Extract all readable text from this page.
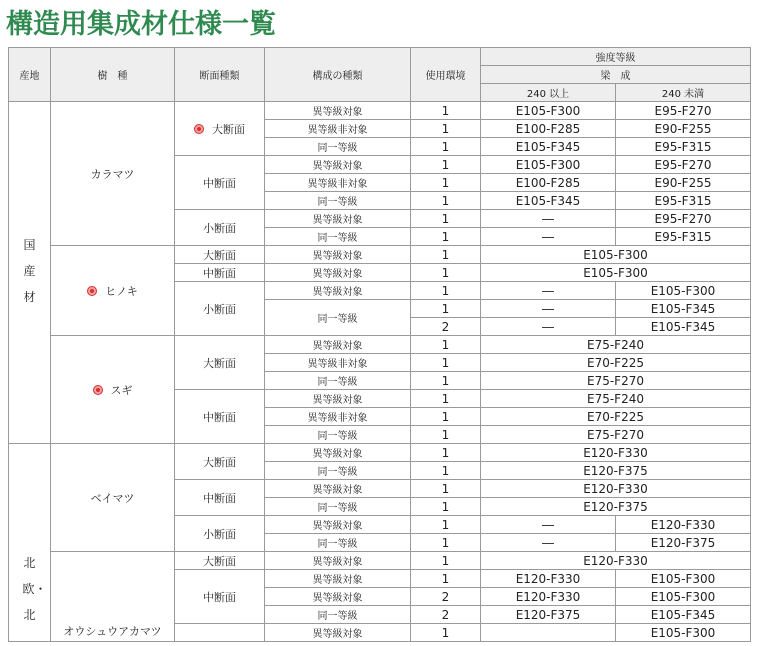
構造用集成材仕様一覧
産地	樹　種	断面種類	構成の種類	使用環境	強度等級	
					梁　成	
					240 以上	240 未満
国産材	カラマツ	大断面	異等級対象	1	E105-F300	E95-F270
			異等級非対象	1	E100-F285	E90-F255
			同一等級	1	E105-F345	E95-F315
		中断面	異等級対象	1	E105-F300	E95-F270
			異等級非対象	1	E100-F285	E90-F255
			同一等級	1	E105-F345	E95-F315
		小断面	異等級対象	1	―	E95-F270
			同一等級	1	―	E95-F315
	ヒノキ	大断面	異等級対象	1	E105-F300	
		中断面	異等級対象	1	E105-F300	
		小断面	異等級対象	1	―	E105-F300
			同一等級	1	―	E105-F345
				2	―	E105-F345
	スギ	大断面	異等級対象	1	E75-F240	
			異等級非対象	1	E70-F225	
			同一等級	1	E75-F270	
		中断面	異等級対象	1	E75-F240	
			異等級非対象	1	E70-F225	
			同一等級	1	E75-F270	
北欧・北	ベイマツ	大断面	異等級対象	1	E120-F330	
			同一等級	1	E120-F375	
		中断面	異等級対象	1	E120-F330	
			同一等級	1	E120-F375	
		小断面	異等級対象	1	―	E120-F330
			同一等級	1	―	E120-F375
	オウシュウアカマツ	大断面	異等級対象	1	E120-F330	
		中断面	異等級対象	1	E120-F330	E105-F300
			異等級対象	2	E120-F330	E105-F300
			同一等級	2	E120-F375	E105-F345
			異等級対象	1		E105-F300
